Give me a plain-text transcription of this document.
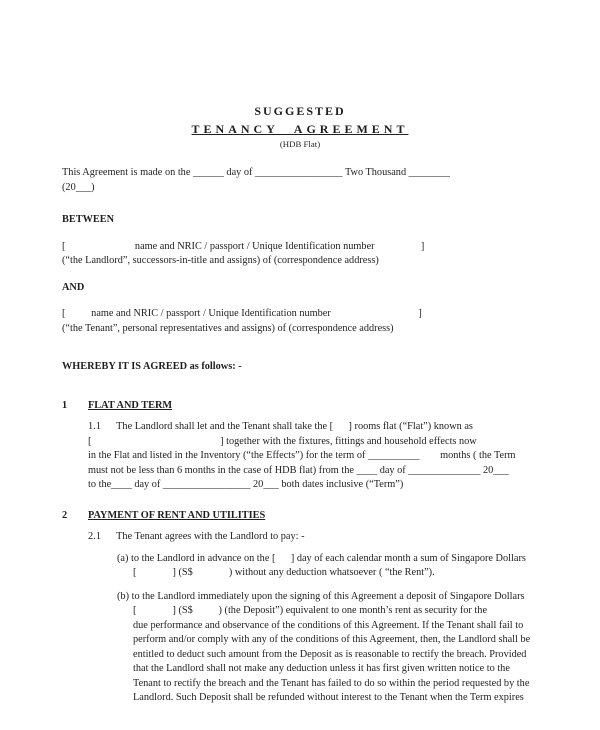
SUGGESTED
TENANCY AGREEMENT
(HDB Flat)
This Agreement is made on the ______ day of _________________ Two Thousand ________
(20___)
BETWEEN
[                           name and NRIC / passport / Unique Identification number                  ]
(“the Landlord”, successors-in-title and assigns) of (correspondence address)
AND
[          name and NRIC / passport / Unique Identification number                                  ]
(“the Tenant”, personal representatives and assigns) of (correspondence address)
WHEREBY IT IS AGREED as follows: -
1	FLAT AND TERM
1.1      The Landlord shall let and the Tenant shall take the [      ] rooms flat (“Flat”) known as
[                                                  ] together with the fixtures, fittings and household effects now
in the Flat and listed in the Inventory (“the Effects”) for the term of __________        months ( the Term
must not be less than 6 months in the case of HDB flat) from the ____ day of ______________ 20___
to the____ day of _________________ 20___ both dates inclusive (“Term”)
2	PAYMENT OF RENT AND UTILITIES
2.1      The Tenant agrees with the Landlord to pay: -
(a) to the Landlord in advance on the [      ] day of each calendar month a sum of Singapore Dollars
[              ] (S$              ) without any deduction whatsoever ( “the Rent”).
(b) to the Landlord immediately upon the signing of this Agreement a deposit of Singapore Dollars
[              ] (S$          ) (the Deposit”) equivalent to one month’s rent as security for the
due performance and observance of the conditions of this Agreement. If the Tenant shall fail to
perform and/or comply with any of the conditions of this Agreement, then, the Landlord shall be
entitled to deduct such amount from the Deposit as is reasonable to rectify the breach. Provided
that the Landlord shall not make any deduction unless it has first given written notice to the
Tenant to rectify the breach and the Tenant has failed to do so within the period requested by the
Landlord. Such Deposit shall be refunded without interest to the Tenant when the Term expires
